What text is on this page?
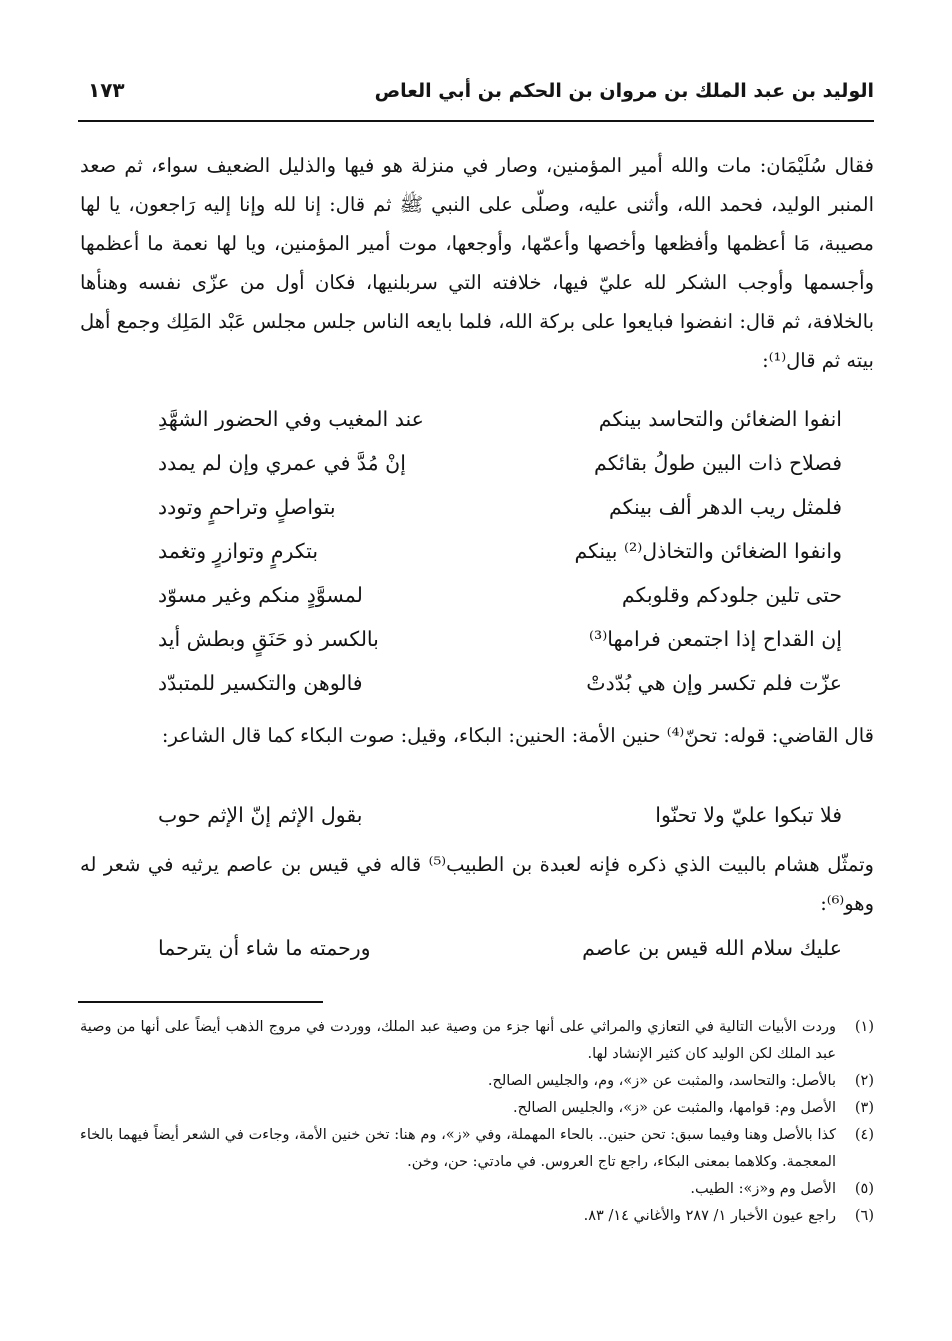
الوليد بن عبد الملك بن مروان بن الحكم بن أبي العاص
١٧٣
فقال سُلَيْمَان: مات والله أمير المؤمنين، وصار في منزلة هو فيها والذليل الضعيف سواء، ثم صعد المنبر الوليد، فحمد الله، وأثنى عليه، وصلّى على النبي ﷺ ثم قال: إنا لله وإنا إليه رَاجعون، يا لها مصيبة، مَا أعظمها وأفظعها وأخصها وأعمّها، وأوجعها، موت أمير المؤمنين، ويا لها نعمة ما أعظمها وأجسمها وأوجب الشكر لله عليّ فيها، خلافته التي سربلنيها، فكان أول من عزّى نفسه وهنأها بالخلافة، ثم قال: انفضوا فبايعوا على بركة الله، فلما بايعه الناس جلس مجلس عَبْد المَلِك وجمع أهل بيته ثم قال⁽¹⁾:
انفوا الضغائن والتحاسد بينكم
عند المغيب وفي الحضور الشهَّدِ
فصلاح ذات البين طولُ بقائكم
إنْ مُدَّ في عمري وإن لم يمدد
فلمثل ريب الدهر ألف بينكم
بتواصلٍ وتراحمٍ وتودد
وانفوا الضغائن والتخاذل⁽²⁾ بينكم
بتكرمٍ وتوازرٍ وتغمد
حتى تلين جلودكم وقلوبكم
لمسوَّدٍ منكم وغير مسوّد
إن القداح إذا اجتمعن فرامها⁽³⁾
بالكسر ذو حَنَقٍ وبطش أيد
عزّت فلم تكسر وإن هي بُدّدتْ
فالوهن والتكسير للمتبدّد
قال القاضي: قوله: تحنّ⁽⁴⁾ حنين الأمة: الحنين: البكاء، وقيل: صوت البكاء كما قال الشاعر:
فلا تبكوا عليّ ولا تحنّوا
بقول الإثم إنّ الإثم حوب
وتمثّل هشام بالبيت الذي ذكره فإنه لعبدة بن الطبيب⁽⁵⁾ قاله في قيس بن عاصم يرثيه في شعر له وهو⁽⁶⁾:
عليك سلام الله قيس بن عاصم
ورحمته ما شاء أن يترحما
(١)
وردت الأبيات التالية في التعازي والمراثي على أنها جزء من وصية عبد الملك، ووردت في مروج الذهب أيضاً على أنها من وصية عبد الملك لكن الوليد كان كثير الإنشاد لها.
(٢)
بالأصل: والتحاسد، والمثبت عن «ز»، وم، والجليس الصالح.
(٣)
الأصل وم: قوامها، والمثبت عن «ز»، والجليس الصالح.
(٤)
كذا بالأصل وهنا وفيما سبق: تحن حنين.. بالحاء المهملة، وفي «ز»، وم هنا: تخن خنين الأمة، وجاءت في الشعر أيضاً فيهما بالخاء المعجمة. وكلاهما بمعنى البكاء، راجع تاج العروس. في مادتي: حن، وخن.
(٥)
الأصل وم و«ز»: الطيب.
(٦)
راجع عيون الأخبار ١/ ٢٨٧ والأغاني ١٤/ ٨٣.
